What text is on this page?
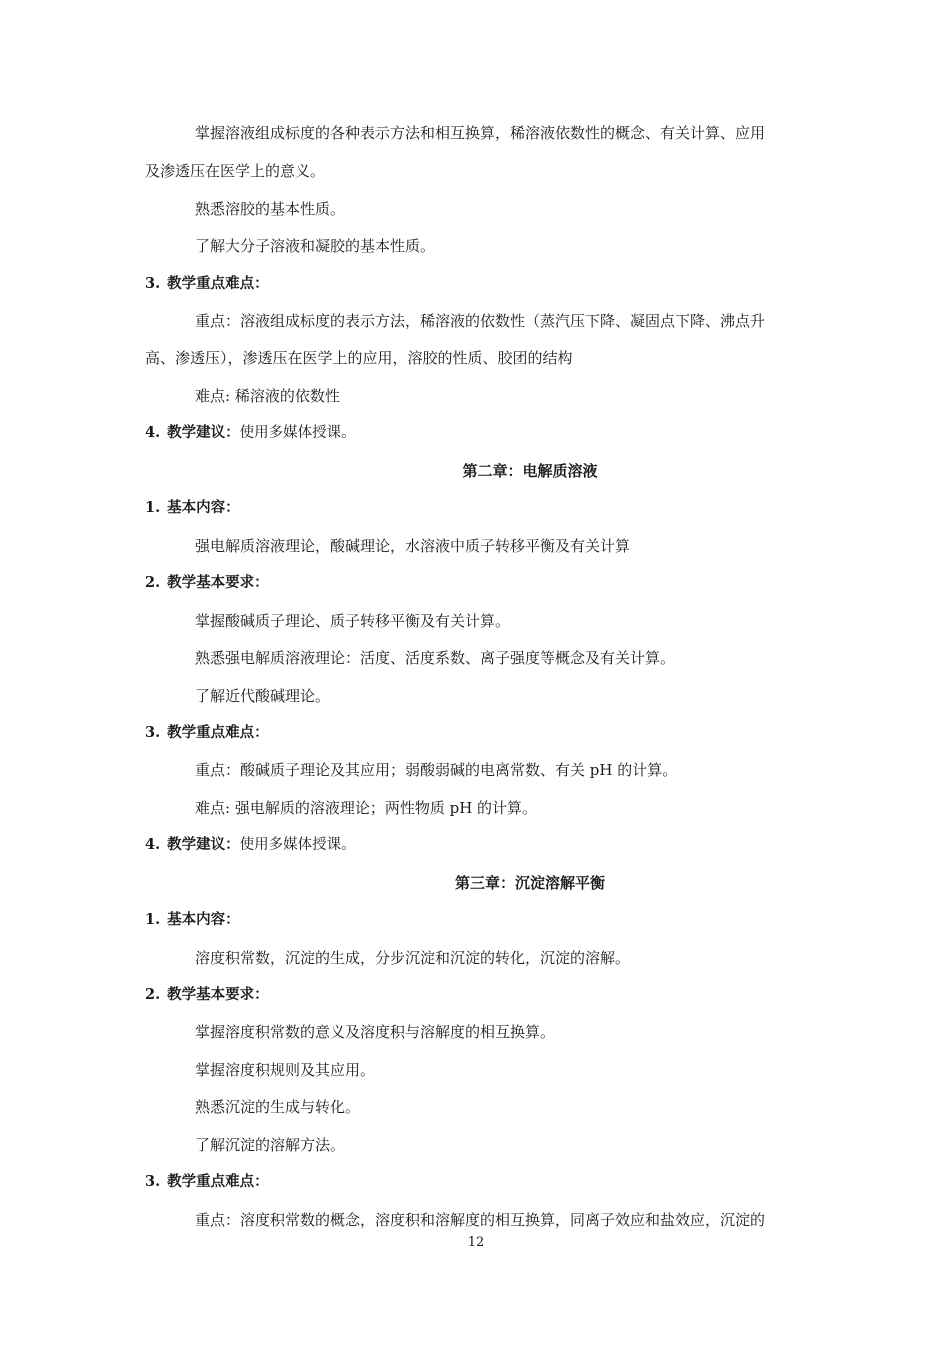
掌握溶液组成标度的各种表示方法和相互换算，稀溶液依数性的概念、有关计算、应用
及渗透压在医学上的意义。
熟悉溶胶的基本性质。
了解大分子溶液和凝胶的基本性质。
3. 教学重点难点：
重点：溶液组成标度的表示方法，稀溶液的依数性（蒸汽压下降、凝固点下降、沸点升
高、渗透压），渗透压在医学上的应用，溶胶的性质、胶团的结构
难点: 稀溶液的依数性
4. 教学建议：使用多媒体授课。
第二章：电解质溶液
1. 基本内容：
强电解质溶液理论，酸碱理论，水溶液中质子转移平衡及有关计算
2. 教学基本要求：
掌握酸碱质子理论、质子转移平衡及有关计算。
熟悉强电解质溶液理论：活度、活度系数、离子强度等概念及有关计算。
了解近代酸碱理论。
3. 教学重点难点：
重点：酸碱质子理论及其应用；弱酸弱碱的电离常数、有关 pH 的计算。
难点: 强电解质的溶液理论；两性物质 pH 的计算。
4. 教学建议：使用多媒体授课。
第三章：沉淀溶解平衡
1. 基本内容：
溶度积常数，沉淀的生成，分步沉淀和沉淀的转化，沉淀的溶解。
2. 教学基本要求：
掌握溶度积常数的意义及溶度积与溶解度的相互换算。
掌握溶度积规则及其应用。
熟悉沉淀的生成与转化。
了解沉淀的溶解方法。
3. 教学重点难点：
重点：溶度积常数的概念，溶度积和溶解度的相互换算，同离子效应和盐效应，沉淀的
12
